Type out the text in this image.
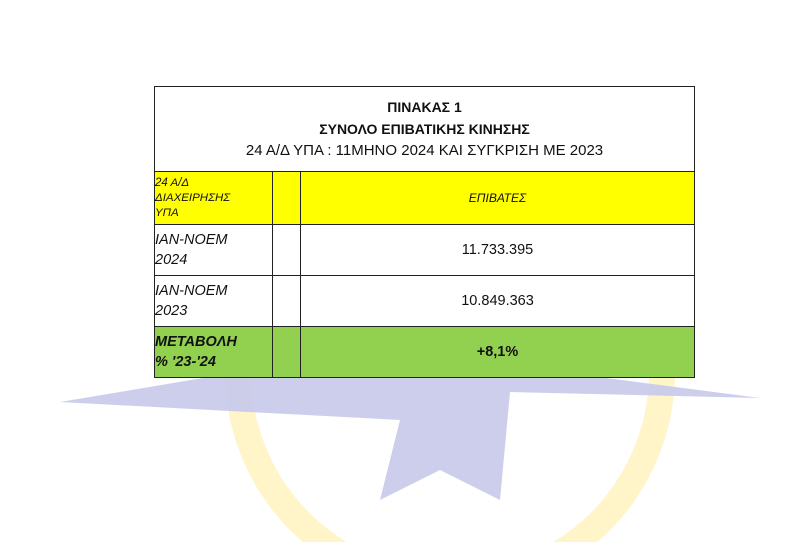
ΠΙΝΑΚΑΣ 1
ΣΥΝΟΛΟ ΕΠΙΒΑΤΙΚΗΣ ΚΙΝΗΣΗΣ
24 Α/Δ ΥΠΑ : 11ΜΗΝΟ 2024 ΚΑΙ ΣΥΓΚΡΙΣΗ ΜΕ 2023		

24 Α/Δ
ΔΙΑΧΕΙΡΗΣΗΣ
ΥΠΑ		ΕΠΙΒΑΤΕΣ

ΙΑΝ-ΝΟΕΜ
2024		11.733.395

ΙΑΝ-ΝΟΕΜ
2023		10.849.363

ΜΕΤΑΒΟΛΗ
% '23-'24		+8,1%
